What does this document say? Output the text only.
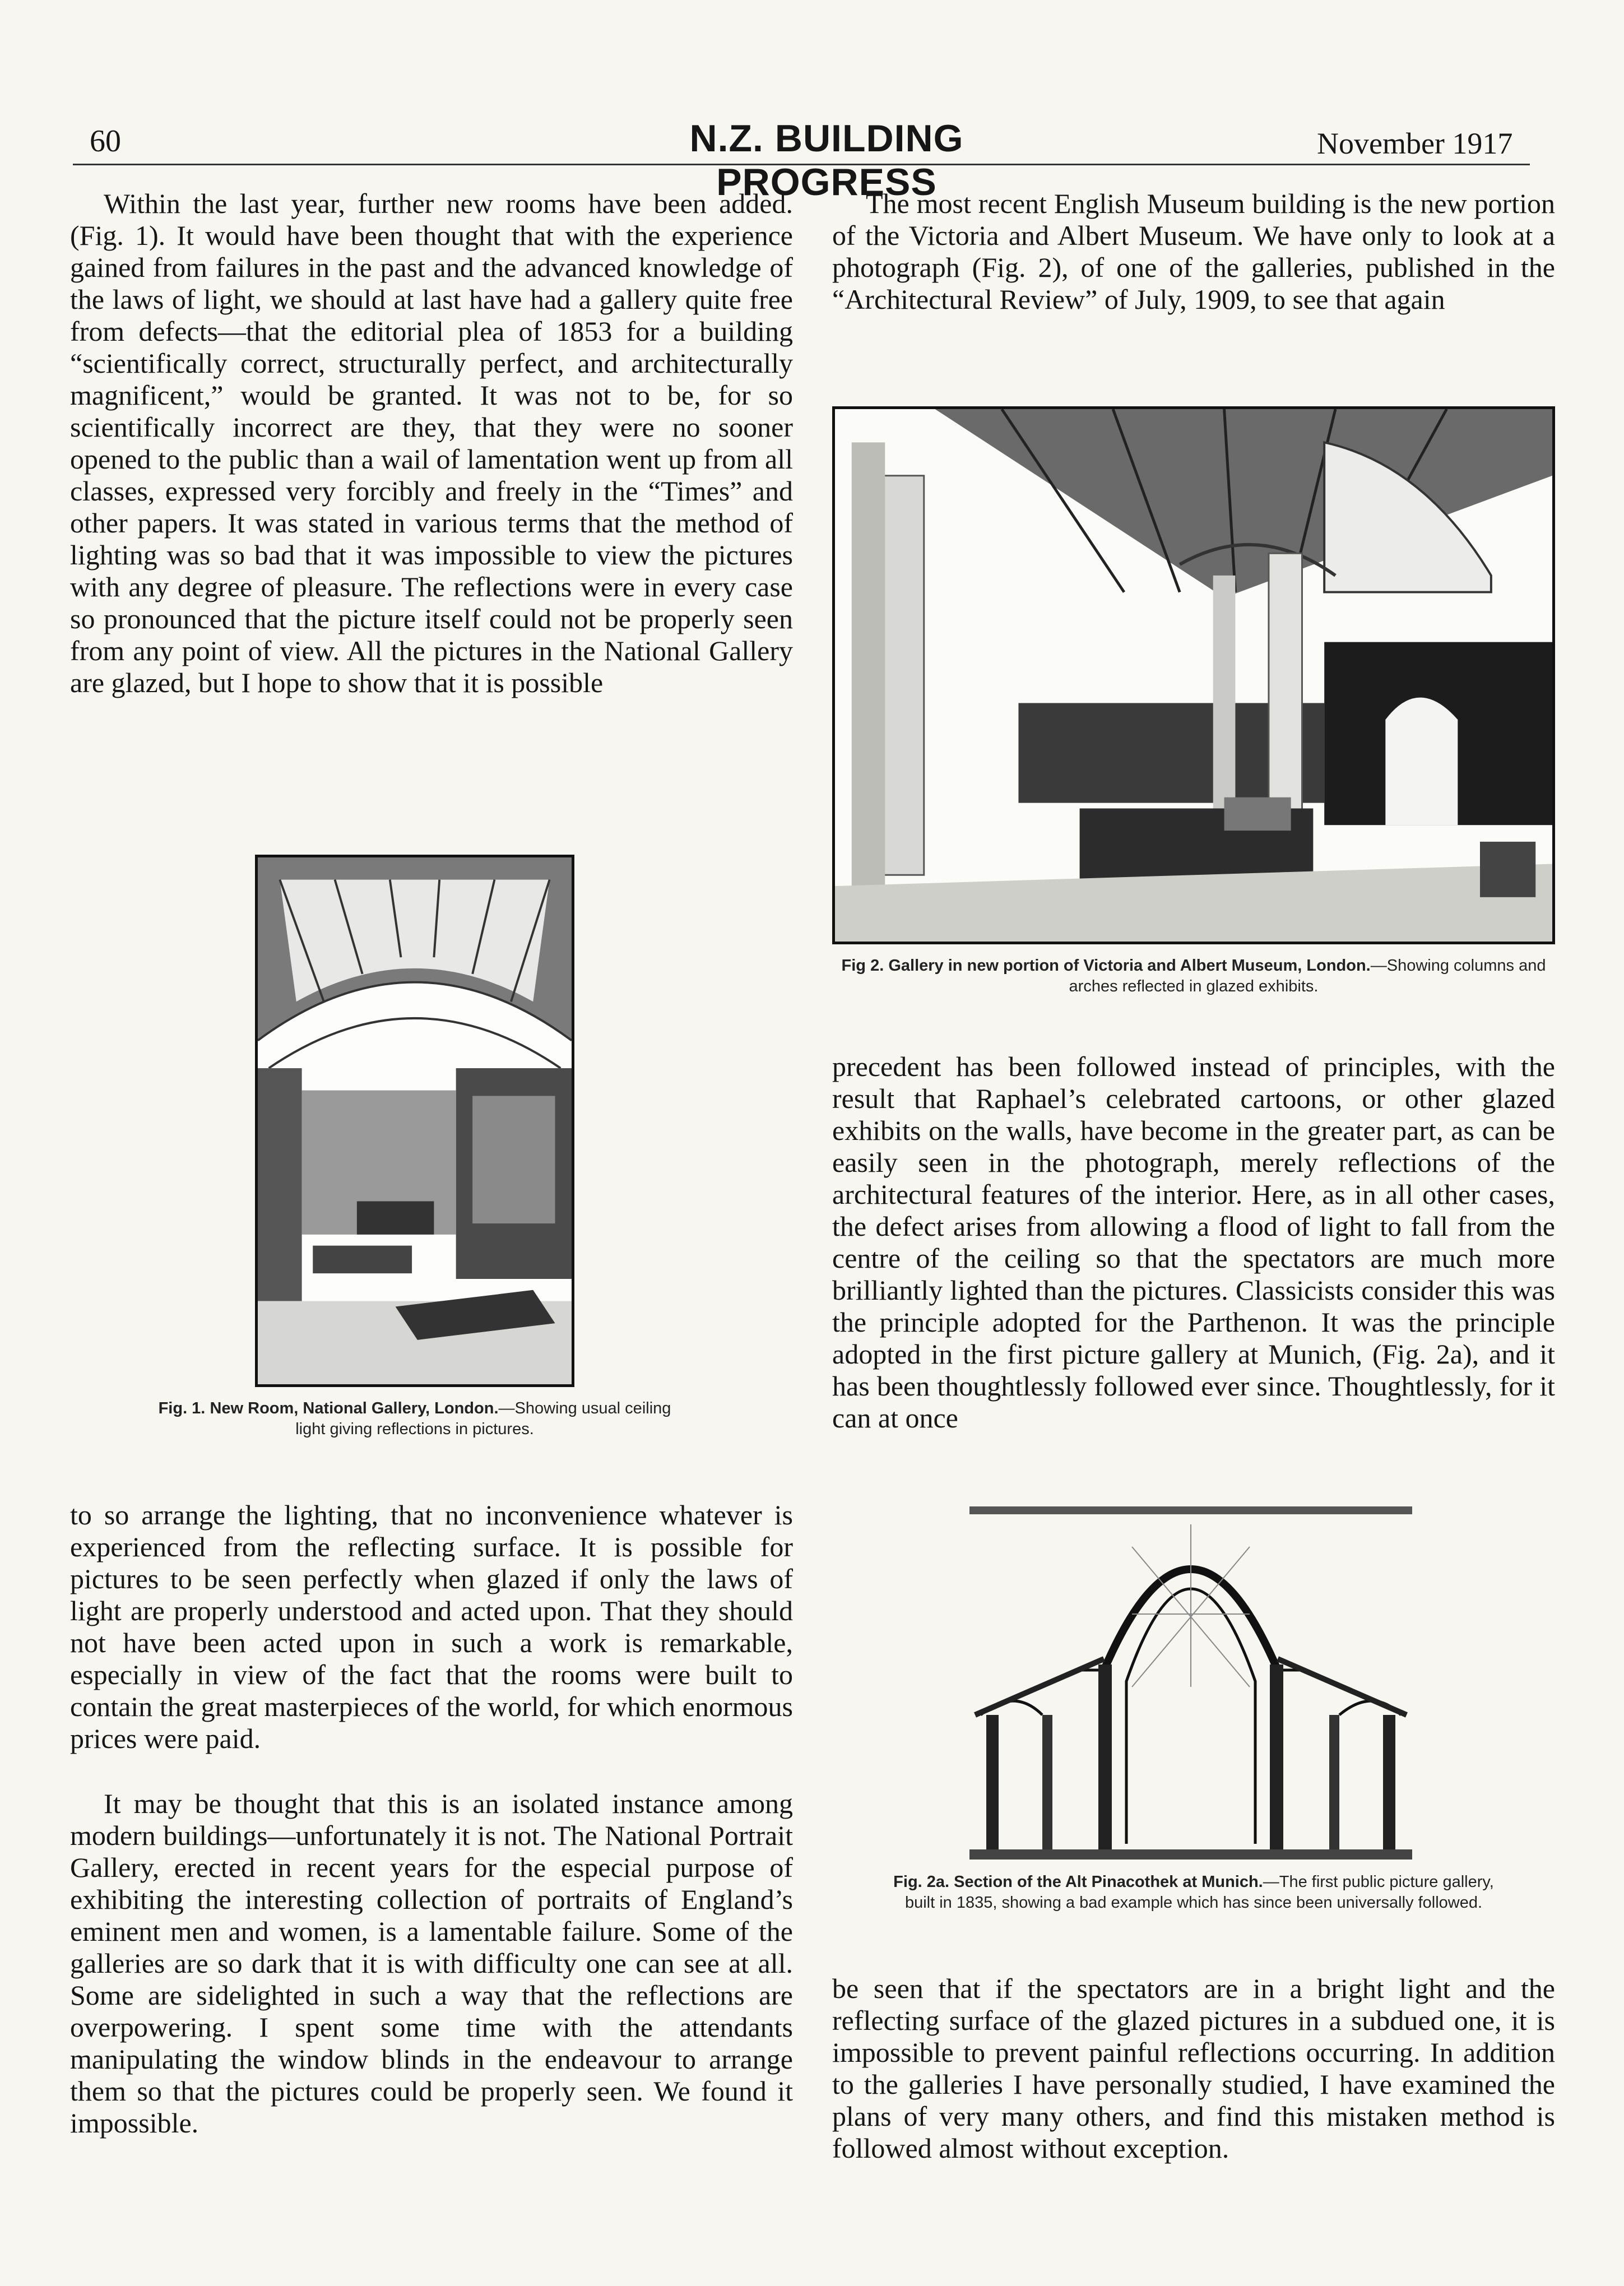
60	N.Z. BUILDING PROGRESS
November 1917

Within the last year, further new rooms have been added. (Fig. 1). It would have been thought that with the experience gained from failures in the past and the advanced knowledge of the laws of light, we should at last have had a gallery quite free from defects—that the editorial plea of 1853 for a building “scientifically correct, structurally perfect, and architecturally magnificent,” would be granted. It was not to be, for so scientifically incorrect are they, that they were no sooner opened to the public than a wail of lamentation went up from all classes, expressed very forcibly and freely in the “Times” and other papers. It was stated in various terms that the method of lighting was so bad that it was impossible to view the pictures with any degree of pleasure. The reflections were in every case so pronounced that the picture itself could not be properly seen from any point of view. All the pictures in the National Gallery are glazed, but I hope to show that it is possible

Fig. 1. New Room, National Gallery, London.—Showing usual ceiling light giving reflections in pictures.

to so arrange the lighting, that no inconvenience whatever is experienced from the reflecting surface. It is possible for pictures to be seen perfectly when glazed if only the laws of light are properly understood and acted upon. That they should not have been acted upon in such a work is remarkable, especially in view of the fact that the rooms were built to contain the great masterpieces of the world, for which enormous prices were paid.

It may be thought that this is an isolated instance among modern buildings—unfortunately it is not. The National Portrait Gallery, erected in recent years for the especial purpose of exhibiting the interesting collection of portraits of England’s eminent men and women, is a lamentable failure. Some of the galleries are so dark that it is with difficulty one can see at all. Some are sidelighted in such a way that the reflections are overpowering. I spent some time with the attendants manipulating the window blinds in the endeavour to arrange them so that the pictures could be properly seen. We found it impossible.

The most recent English Museum building is the new portion of the Victoria and Albert Museum. We have only to look at a photograph (Fig. 2), of one of the galleries, published in the “Architectural Review” of July, 1909, to see that again

Fig 2. Gallery in new portion of Victoria and Albert Museum, London.—Showing columns and arches reflected in glazed exhibits.

precedent has been followed instead of principles, with the result that Raphael’s celebrated cartoons, or other glazed exhibits on the walls, have become in the greater part, as can be easily seen in the photograph, merely reflections of the architectural features of the interior. Here, as in all other cases, the defect arises from allowing a flood of light to fall from the centre of the ceiling so that the spectators are much more brilliantly lighted than the pictures. Classicists consider this was the principle adopted for the Parthenon. It was the principle adopted in the first picture gallery at Munich, (Fig. 2a), and it has been thoughtlessly followed ever since. Thoughtlessly, for it can at once

Fig. 2a. Section of the Alt Pinacothek at Munich.—The first public picture gallery, built in 1835, showing a bad example which has since been universally followed.

be seen that if the spectators are in a bright light and the reflecting surface of the glazed pictures in a subdued one, it is impossible to prevent painful reflections occurring. In addition to the galleries I have personally studied, I have examined the plans of very many others, and find this mistaken method is followed almost without exception.
